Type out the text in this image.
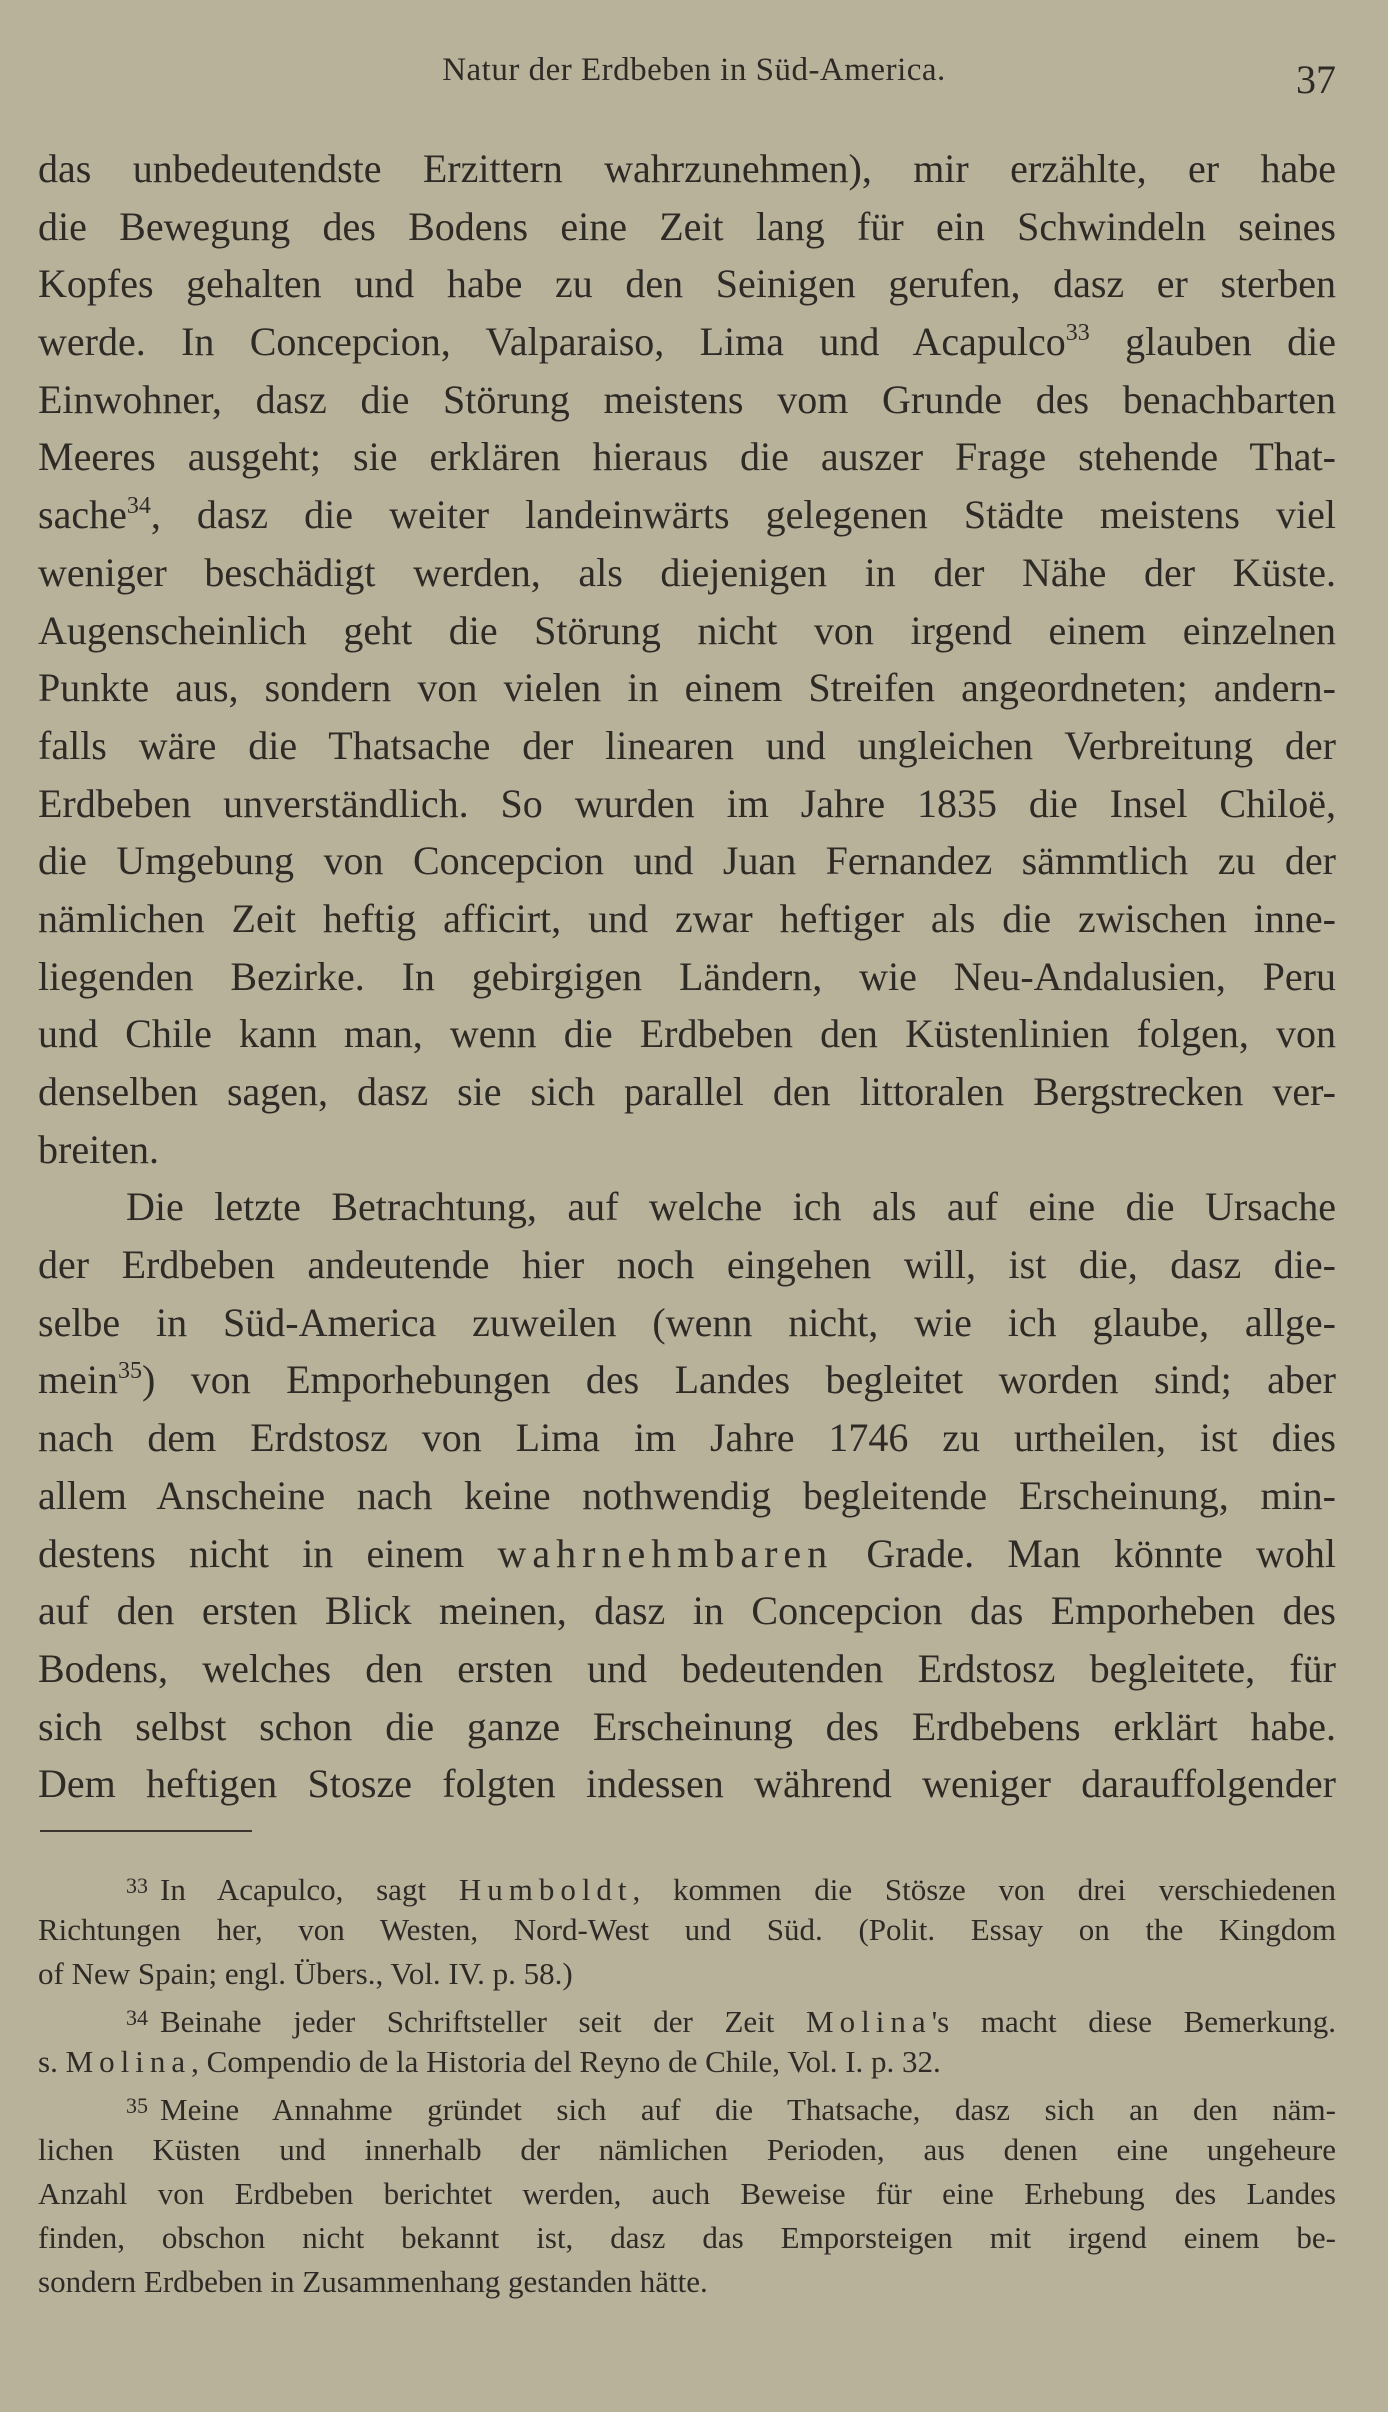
Natur der Erdbeben in Süd-America.	37
das unbedeutendste Erzittern wahrzunehmen), mir erzählte, er habe
die Bewegung des Bodens eine Zeit lang für ein Schwindeln seines
Kopfes gehalten und habe zu den Seinigen gerufen, dasz er sterben
werde. In Concepcion, Valparaiso, Lima und Acapulco$^{33}$ glauben die
Einwohner, dasz die Störung meistens vom Grunde des benachbarten
Meeres ausgeht; sie erklären hieraus die auszer Frage stehende That-
sache$^{34}$, dasz die weiter landeinwärts gelegenen Städte meistens viel
weniger beschädigt werden, als diejenigen in der Nähe der Küste.
Augenscheinlich geht die Störung nicht von irgend einem einzelnen
Punkte aus, sondern von vielen in einem Streifen angeordneten; andern-
falls wäre die Thatsache der linearen und ungleichen Verbreitung der
Erdbeben unverständlich. So wurden im Jahre 1835 die Insel Chiloë,
die Umgebung von Concepcion und Juan Fernandez sämmtlich zu der
nämlichen Zeit heftig afficirt, und zwar heftiger als die zwischen inne-
liegenden Bezirke. In gebirgigen Ländern, wie Neu-Andalusien, Peru
und Chile kann man, wenn die Erdbeben den Küstenlinien folgen, von
denselben sagen, dasz sie sich parallel den littoralen Bergstrecken ver-
breiten.
Die letzte Betrachtung, auf welche ich als auf eine die Ursache
der Erdbeben andeutende hier noch eingehen will, ist die, dasz die-
selbe in Süd-America zuweilen (wenn nicht, wie ich glaube, allge-
mein$^{35}$) von Emporhebungen des Landes begleitet worden sind; aber
nach dem Erdstosz von Lima im Jahre 1746 zu urtheilen, ist dies
allem Anscheine nach keine nothwendig begleitende Erscheinung, min-
destens nicht in einem wahrnehmbaren Grade. Man könnte wohl
auf den ersten Blick meinen, dasz in Concepcion das Emporheben des
Bodens, welches den ersten und bedeutenden Erdstosz begleitete, für
sich selbst schon die ganze Erscheinung des Erdbebens erklärt habe.
Dem heftigen Stosze folgten indessen während weniger darauffolgender
$^{33}$ In Acapulco, sagt Humboldt, kommen die Stösze von drei verschiedenen
Richtungen her, von Westen, Nord-West und Süd. (Polit. Essay on the Kingdom
of New Spain; engl. Übers., Vol. IV. p. 58.)
$^{34}$ Beinahe jeder Schriftsteller seit der Zeit Molina's macht diese Bemerkung.
s. Molina, Compendio de la Historia del Reyno de Chile, Vol. I. p. 32.
$^{35}$ Meine Annahme gründet sich auf die Thatsache, dasz sich an den näm-
lichen Küsten und innerhalb der nämlichen Perioden, aus denen eine ungeheure
Anzahl von Erdbeben berichtet werden, auch Beweise für eine Erhebung des Landes
finden, obschon nicht bekannt ist, dasz das Emporsteigen mit irgend einem be-
sondern Erdbeben in Zusammenhang gestanden hätte.
